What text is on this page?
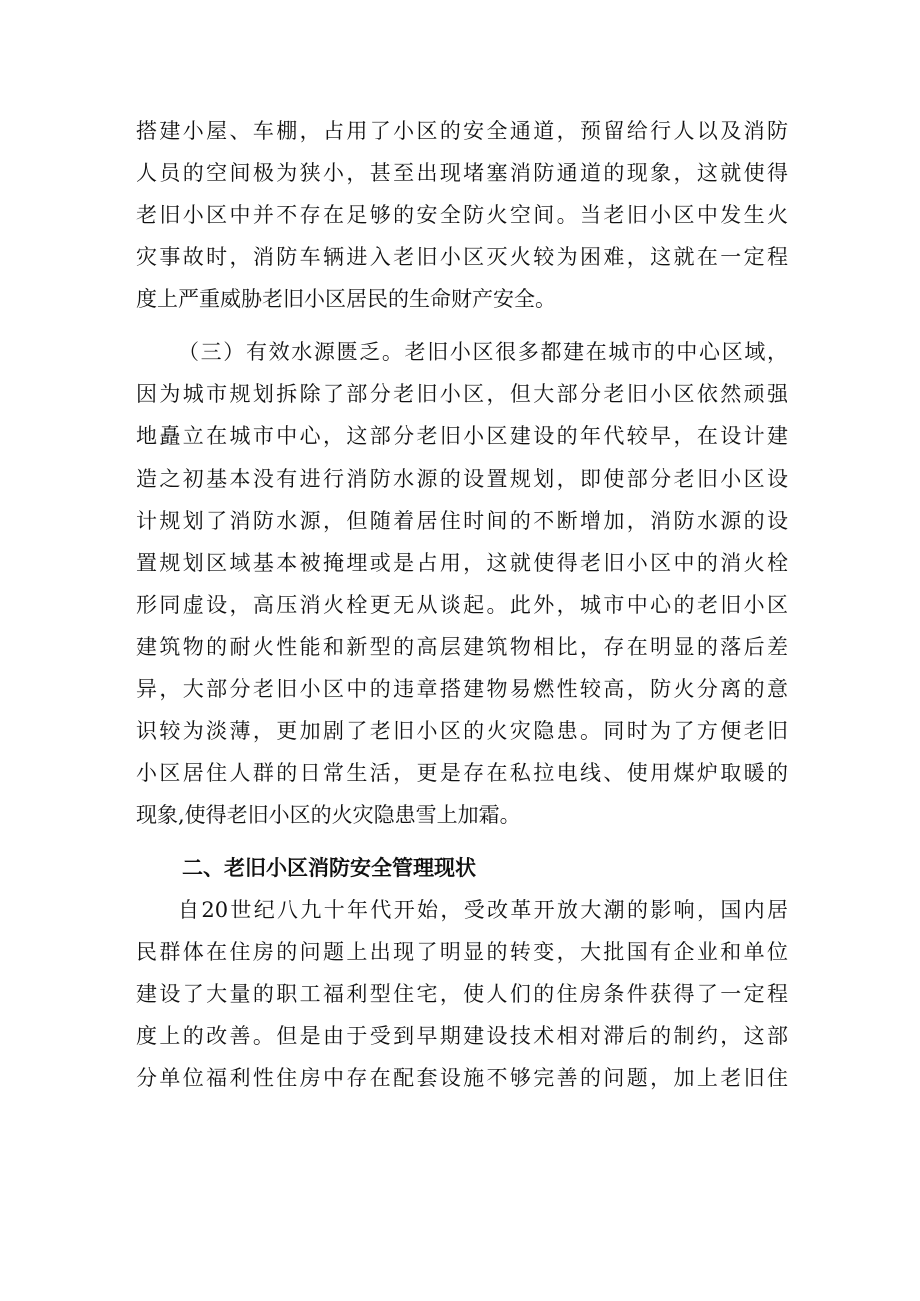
搭建小屋、车棚，占用了小区的安全通道，预留给行人以及消防

人员的空间极为狭小，甚至出现堵塞消防通道的现象，这就使得

老旧小区中并不存在足够的安全防火空间。当老旧小区中发生火

灾事故时，消防车辆进入老旧小区灭火较为困难，这就在一定程

度上严重威胁老旧小区居民的生命财产安全。

（三）有效水源匮乏。老旧小区很多都建在城市的中心区域，

因为城市规划拆除了部分老旧小区，但大部分老旧小区依然顽强

地矗立在城市中心，这部分老旧小区建设的年代较早，在设计建

造之初基本没有进行消防水源的设置规划，即使部分老旧小区设

计规划了消防水源，但随着居住时间的不断增加，消防水源的设

置规划区域基本被掩埋或是占用，这就使得老旧小区中的消火栓

形同虚设，高压消火栓更无从谈起。此外，城市中心的老旧小区

建筑物的耐火性能和新型的高层建筑物相比，存在明显的落后差

异，大部分老旧小区中的违章搭建物易燃性较高，防火分离的意

识较为淡薄，更加剧了老旧小区的火灾隐患。同时为了方便老旧

小区居住人群的日常生活，更是存在私拉电线、使用煤炉取暖的

现象,使得老旧小区的火灾隐患雪上加霜。

二、老旧小区消防安全管理现状

自20世纪八九十年代开始，受改革开放大潮的影响，国内居

民群体在住房的问题上出现了明显的转变，大批国有企业和单位

建设了大量的职工福利型住宅，使人们的住房条件获得了一定程

度上的改善。但是由于受到早期建设技术相对滞后的制约，这部

分单位福利性住房中存在配套设施不够完善的问题，加上老旧住
